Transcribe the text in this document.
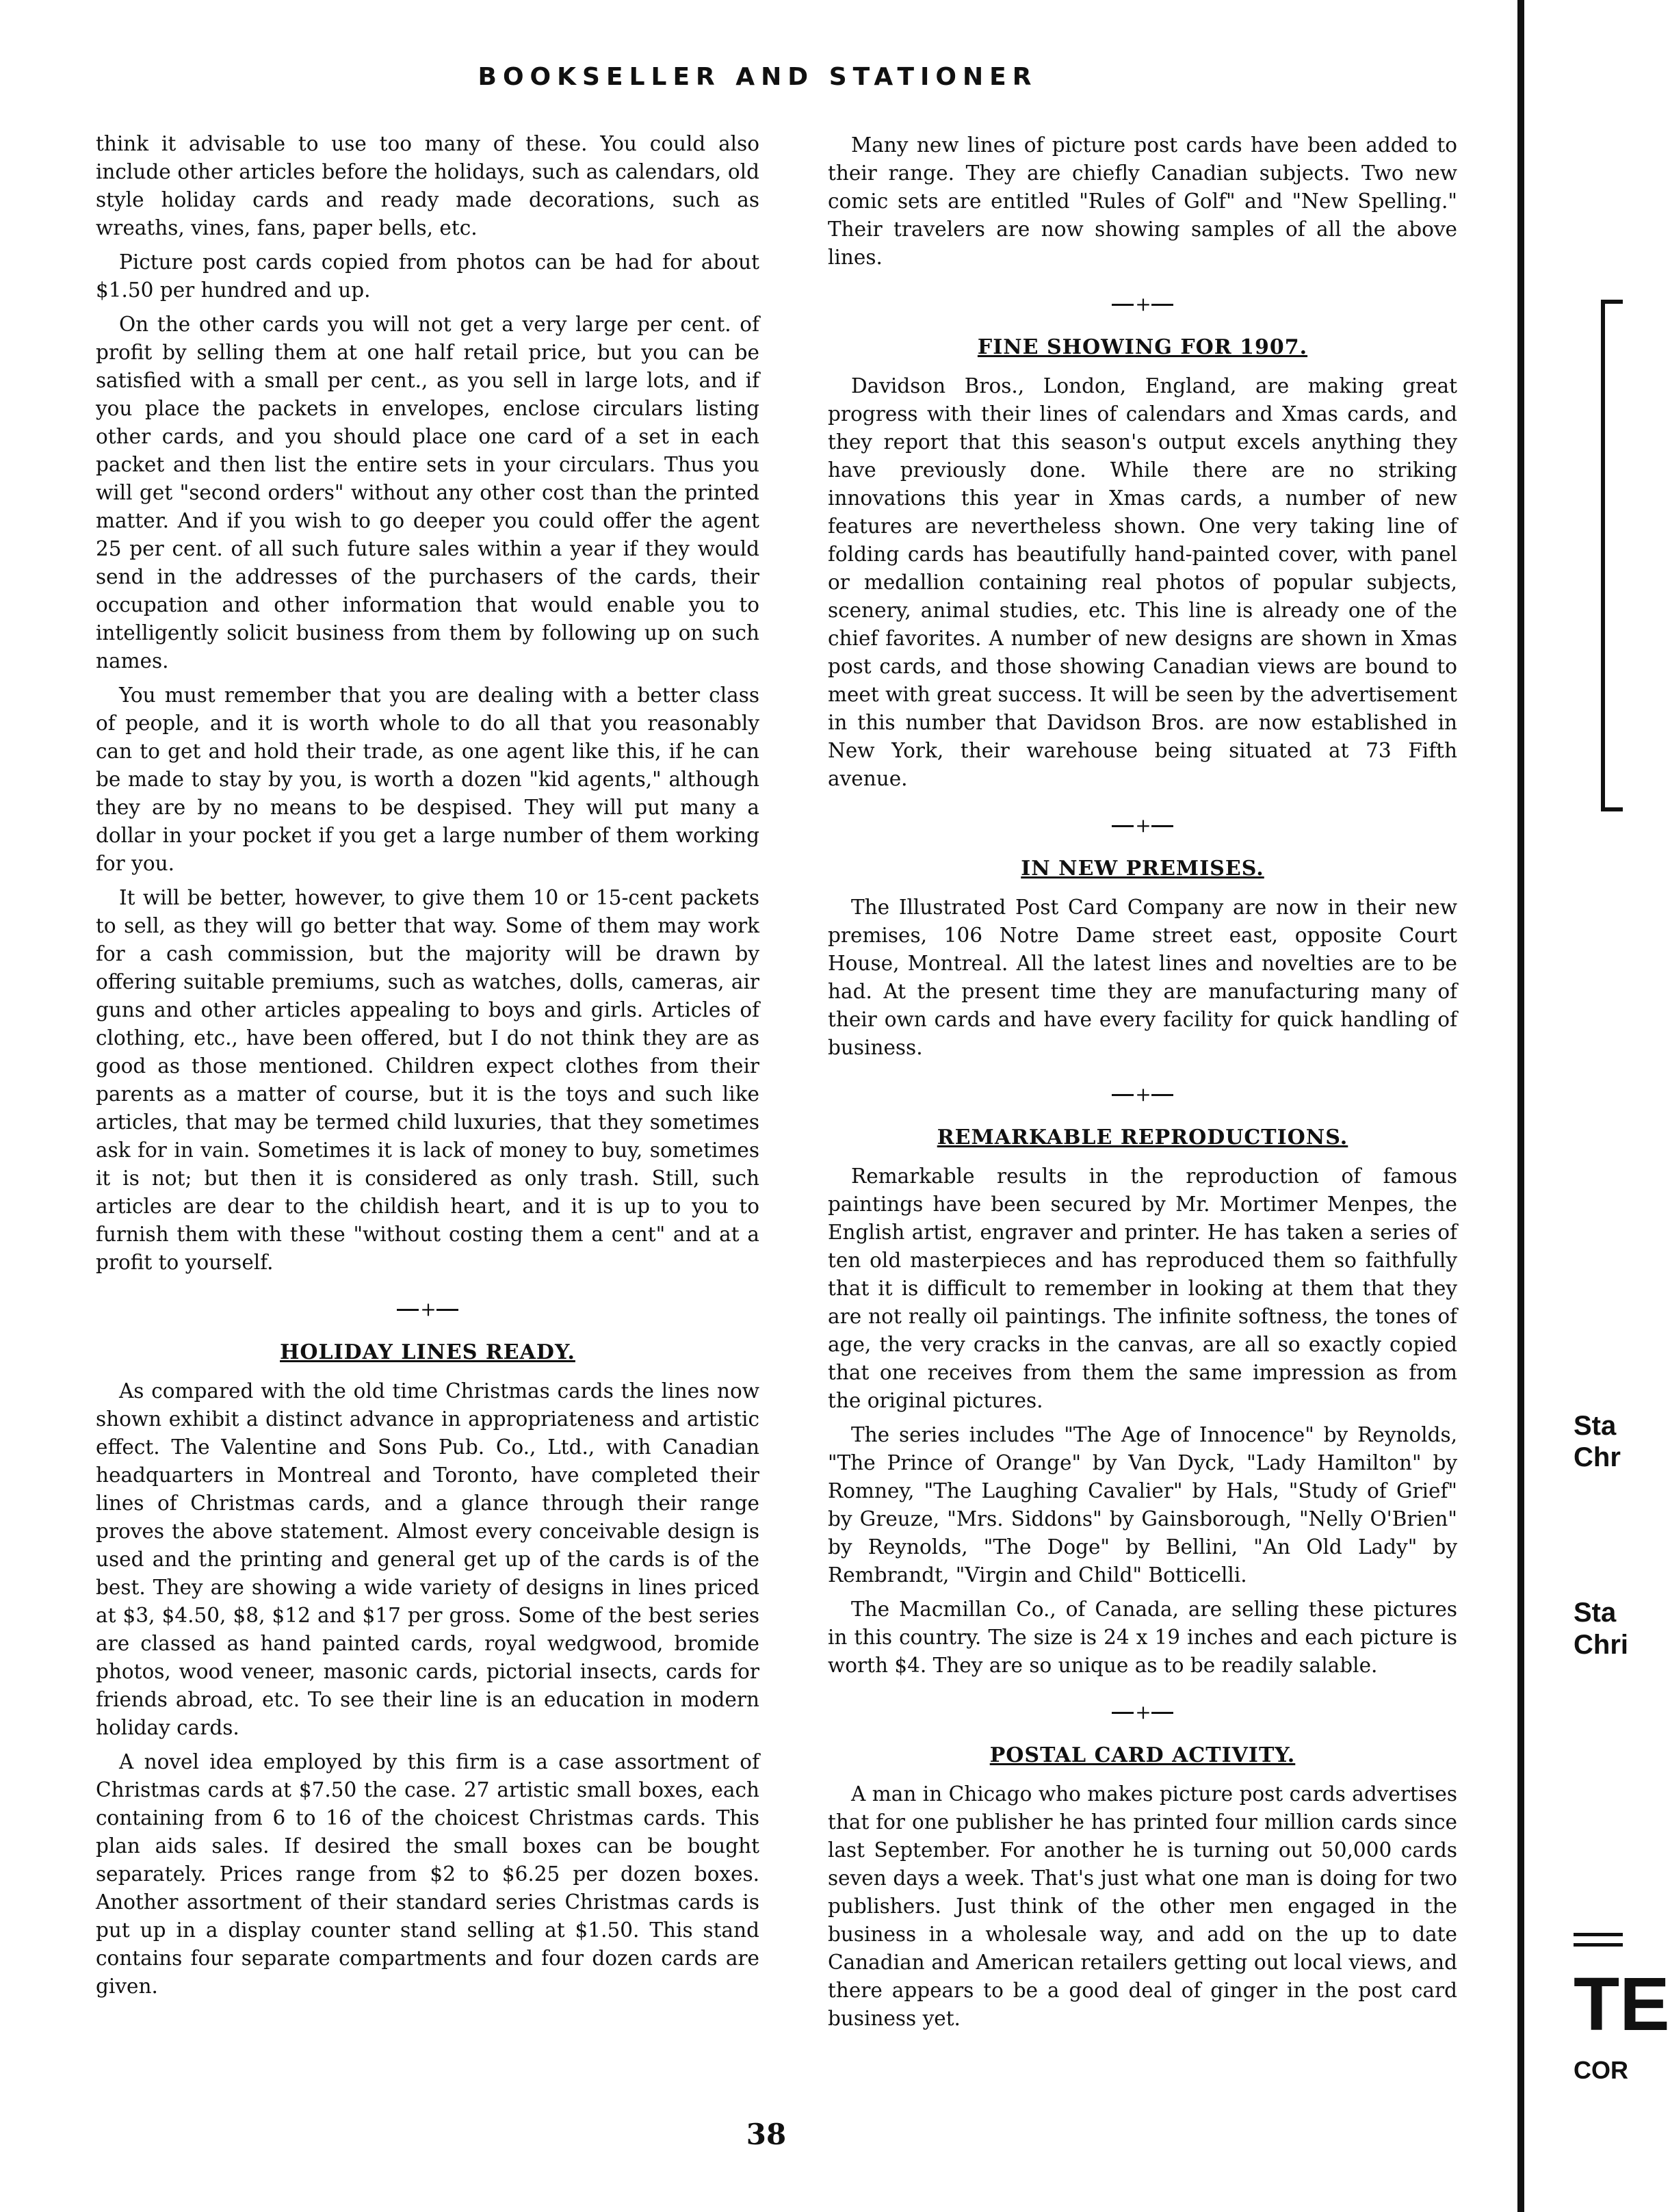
BOOKSELLER AND STATIONER

think it advisable to use too many of these. You could also include other articles before the holidays, such as calendars, old style holiday cards and ready made decorations, such as wreaths, vines, fans, paper bells, etc.

Picture post cards copied from photos can be had for about $1.50 per hundred and up.

On the other cards you will not get a very large per cent. of profit by selling them at one half retail price, but you can be satisfied with a small per cent., as you sell in large lots, and if you place the packets in envelopes, enclose circulars listing other cards, and you should place one card of a set in each packet and then list the entire sets in your circulars. Thus you will get "second orders" without any other cost than the printed matter. And if you wish to go deeper you could offer the agent 25 per cent. of all such future sales within a year if they would send in the addresses of the purchasers of the cards, their occupation and other information that would enable you to intelligently solicit business from them by following up on such names.

You must remember that you are dealing with a better class of people, and it is worth whole to do all that you reasonably can to get and hold their trade, as one agent like this, if he can be made to stay by you, is worth a dozen "kid agents," although they are by no means to be despised. They will put many a dollar in your pocket if you get a large number of them working for you.

It will be better, however, to give them 10 or 15-cent packets to sell, as they will go better that way. Some of them may work for a cash commission, but the majority will be drawn by offering suitable premiums, such as watches, dolls, cameras, air guns and other articles appealing to boys and girls. Articles of clothing, etc., have been offered, but I do not think they are as good as those mentioned. Children expect clothes from their parents as a matter of course, but it is the toys and such like articles, that may be termed child luxuries, that they sometimes ask for in vain. Sometimes it is lack of money to buy, sometimes it is not; but then it is considered as only trash. Still, such articles are dear to the childish heart, and it is up to you to furnish them with these "without costing them a cent" and at a profit to yourself.

+
HOLIDAY LINES READY.

As compared with the old time Christmas cards the lines now shown exhibit a distinct advance in appropriateness and artistic effect. The Valentine and Sons Pub. Co., Ltd., with Canadian headquarters in Montreal and Toronto, have completed their lines of Christmas cards, and a glance through their range proves the above statement. Almost every conceivable design is used and the printing and general get up of the cards is of the best. They are showing a wide variety of designs in lines priced at $3, $4.50, $8, $12 and $17 per gross. Some of the best series are classed as hand painted cards, royal wedgwood, bromide photos, wood veneer, masonic cards, pictorial insects, cards for friends abroad, etc. To see their line is an education in modern holiday cards.

A novel idea employed by this firm is a case assortment of Christmas cards at $7.50 the case. 27 artistic small boxes, each containing from 6 to 16 of the choicest Christmas cards. This plan aids sales. If desired the small boxes can be bought separately. Prices range from $2 to $6.25 per dozen boxes. Another assortment of their standard series Christmas cards is put up in a display counter stand selling at $1.50. This stand contains four separate compartments and four dozen cards are given.

Many new lines of picture post cards have been added to their range. They are chiefly Canadian subjects. Two new comic sets are entitled "Rules of Golf" and "New Spelling." Their travelers are now showing samples of all the above lines.

+
FINE SHOWING FOR 1907.

Davidson Bros., London, England, are making great progress with their lines of calendars and Xmas cards, and they report that this season's output excels anything they have previously done. While there are no striking innovations this year in Xmas cards, a number of new features are nevertheless shown. One very taking line of folding cards has beautifully hand-painted cover, with panel or medallion containing real photos of popular subjects, scenery, animal studies, etc. This line is already one of the chief favorites. A number of new designs are shown in Xmas post cards, and those showing Canadian views are bound to meet with great success. It will be seen by the advertisement in this number that Davidson Bros. are now established in New York, their warehouse being situated at 73 Fifth avenue.

+
IN NEW PREMISES.

The Illustrated Post Card Company are now in their new premises, 106 Notre Dame street east, opposite Court House, Montreal. All the latest lines and novelties are to be had. At the present time they are manufacturing many of their own cards and have every facility for quick handling of business.

+
REMARKABLE REPRODUCTIONS.

Remarkable results in the reproduction of famous paintings have been secured by Mr. Mortimer Menpes, the English artist, engraver and printer. He has taken a series of ten old masterpieces and has reproduced them so faithfully that it is difficult to remember in looking at them that they are not really oil paintings. The infinite softness, the tones of age, the very cracks in the canvas, are all so exactly copied that one receives from them the same impression as from the original pictures.

The series includes "The Age of Innocence" by Reynolds, "The Prince of Orange" by Van Dyck, "Lady Hamilton" by Romney, "The Laughing Cavalier" by Hals, "Study of Grief" by Greuze, "Mrs. Siddons" by Gainsborough, "Nelly O'Brien" by Reynolds, "The Doge" by Bellini, "An Old Lady" by Rembrandt, "Virgin and Child" Botticelli.

The Macmillan Co., of Canada, are selling these pictures in this country. The size is 24 x 19 inches and each picture is worth $4. They are so unique as to be readily salable.

+
POSTAL CARD ACTIVITY.

A man in Chicago who makes picture post cards advertises that for one publisher he has printed four million cards since last September. For another he is turning out 50,000 cards seven days a week. That's just what one man is doing for two publishers. Just think of the other men engaged in the business in a wholesale way, and add on the up to date Canadian and American retailers getting out local views, and there appears to be a good deal of ginger in the post card business yet.

38
Sta
Chr
Sta
Chri
TE
COR
